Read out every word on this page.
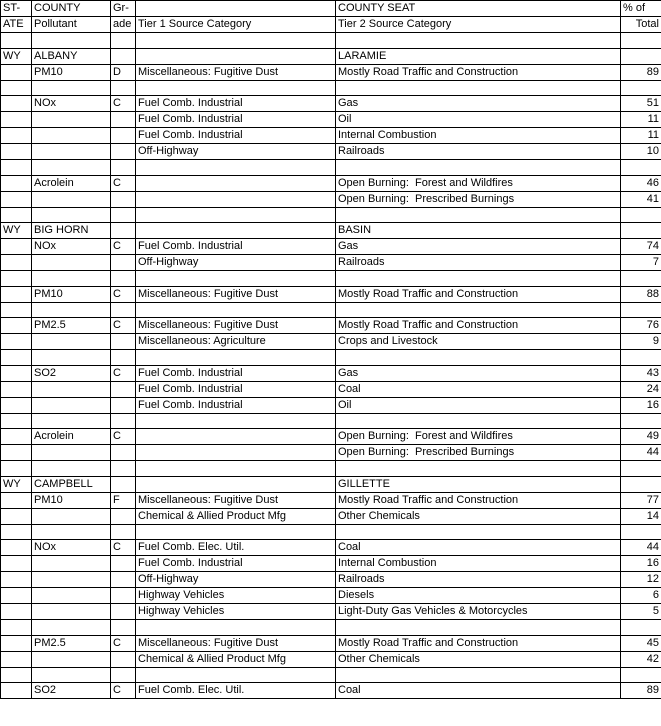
ST-	COUNTY	Gr-		COUNTY SEAT	% of
ATE	Pollutant	ade	Tier 1 Source Category	Tier 2 Source Category	Total

WY	ALBANY			LARAMIE	
	PM10	D	Miscellaneous: Fugitive Dust	Mostly Road Traffic and Construction	89

	NOx	C	Fuel Comb. Industrial	Gas	51
			Fuel Comb. Industrial	Oil	11
			Fuel Comb. Industrial	Internal Combustion	11
			Off-Highway	Railroads	10

	Acrolein	C		Open Burning:  Forest and Wildfires	46
				Open Burning:  Prescribed Burnings	41

WY	BIG HORN			BASIN	
	NOx	C	Fuel Comb. Industrial	Gas	74
			Off-Highway	Railroads	7

	PM10	C	Miscellaneous: Fugitive Dust	Mostly Road Traffic and Construction	88

	PM2.5	C	Miscellaneous: Fugitive Dust	Mostly Road Traffic and Construction	76
			Miscellaneous: Agriculture	Crops and Livestock	9

	SO2	C	Fuel Comb. Industrial	Gas	43
			Fuel Comb. Industrial	Coal	24
			Fuel Comb. Industrial	Oil	16

	Acrolein	C		Open Burning:  Forest and Wildfires	49
				Open Burning:  Prescribed Burnings	44

WY	CAMPBELL			GILLETTE	
	PM10	F	Miscellaneous: Fugitive Dust	Mostly Road Traffic and Construction	77
			Chemical & Allied Product Mfg	Other Chemicals	14

	NOx	C	Fuel Comb. Elec. Util.	Coal	44
			Fuel Comb. Industrial	Internal Combustion	16
			Off-Highway	Railroads	12
			Highway Vehicles	Diesels	6
			Highway Vehicles	Light-Duty Gas Vehicles & Motorcycles	5

	PM2.5	C	Miscellaneous: Fugitive Dust	Mostly Road Traffic and Construction	45
			Chemical & Allied Product Mfg	Other Chemicals	42

	SO2	C	Fuel Comb. Elec. Util.	Coal	89
